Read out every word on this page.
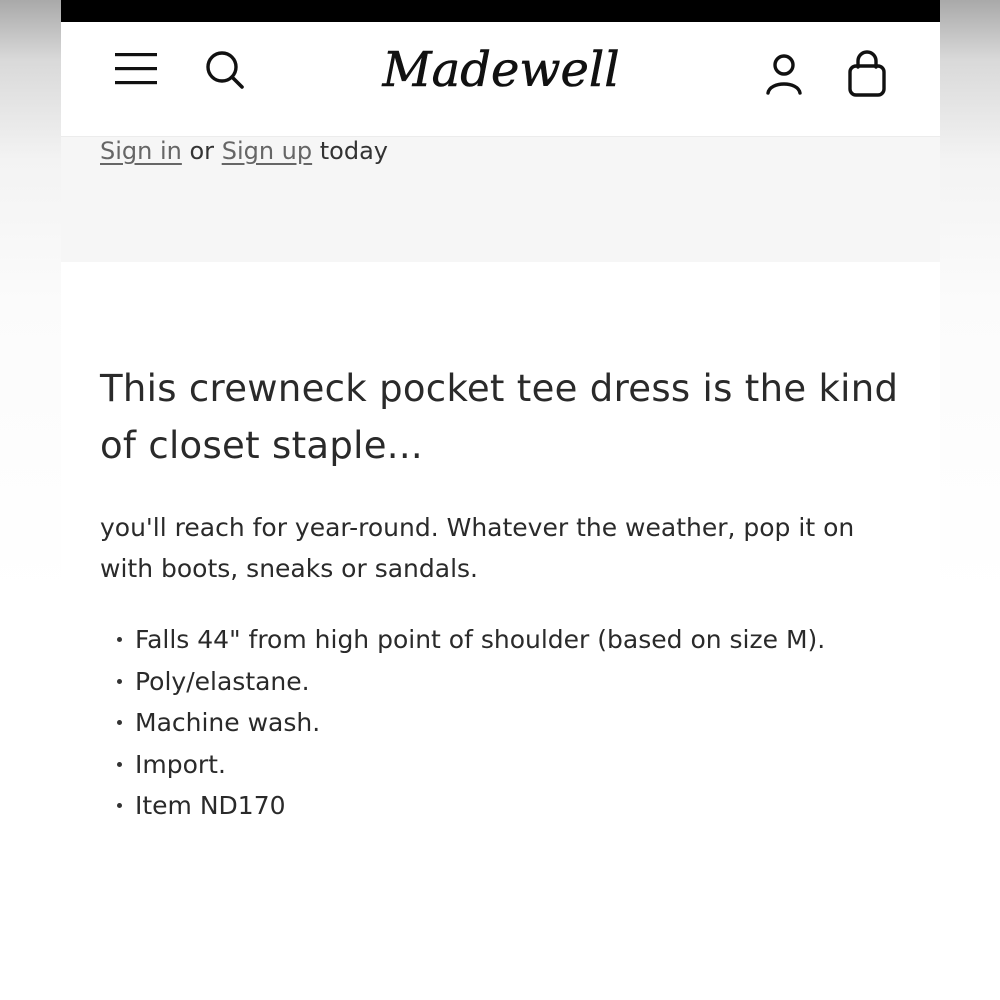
Madewell
Sign in or Sign up today
This crewneck pocket tee dress is the kind of closet staple...

you'll reach for year-round. Whatever the weather, pop it on with boots, sneaks or sandals.

Falls 44" from high point of shoulder (based on size M).
Poly/elastane.
Machine wash.
Import.
Item ND170
